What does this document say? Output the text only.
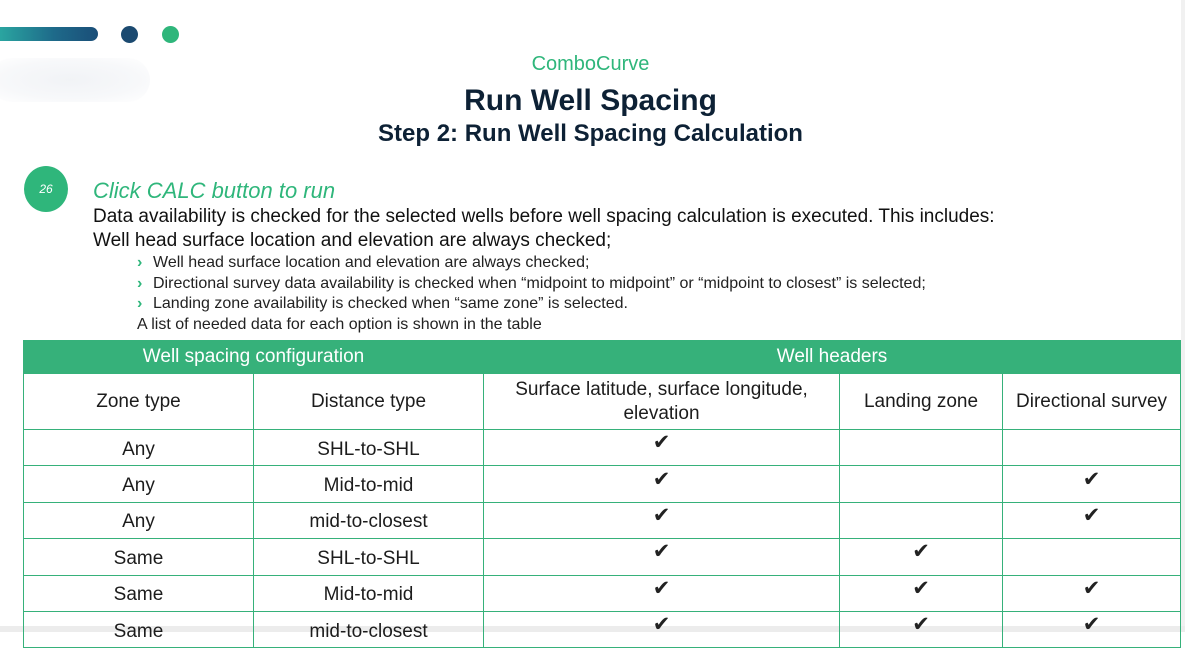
ComboCurve
Run Well Spacing
Step 2: Run Well Spacing Calculation
26	Click CALC button to run
Data availability is checked for the selected wells before well spacing calculation is executed. This includes:
Well head surface location and elevation are always checked;
› Well head surface location and elevation are always checked;
› Directional survey data availability is checked when “midpoint to midpoint” or “midpoint to closest” is selected;
› Landing zone availability is checked when “same zone” is selected.
A list of needed data for each option is shown in the table
Well spacing configuration		Well headers		
Zone type	Distance type	Surface latitude, surface longitude, elevation	Landing zone	Directional survey
Any	SHL-to-SHL	✔		
Any	Mid-to-mid	✔		✔
Any	mid-to-closest	✔		✔
Same	SHL-to-SHL	✔	✔	
Same	Mid-to-mid	✔	✔	✔
Same	mid-to-closest	✔	✔	✔
